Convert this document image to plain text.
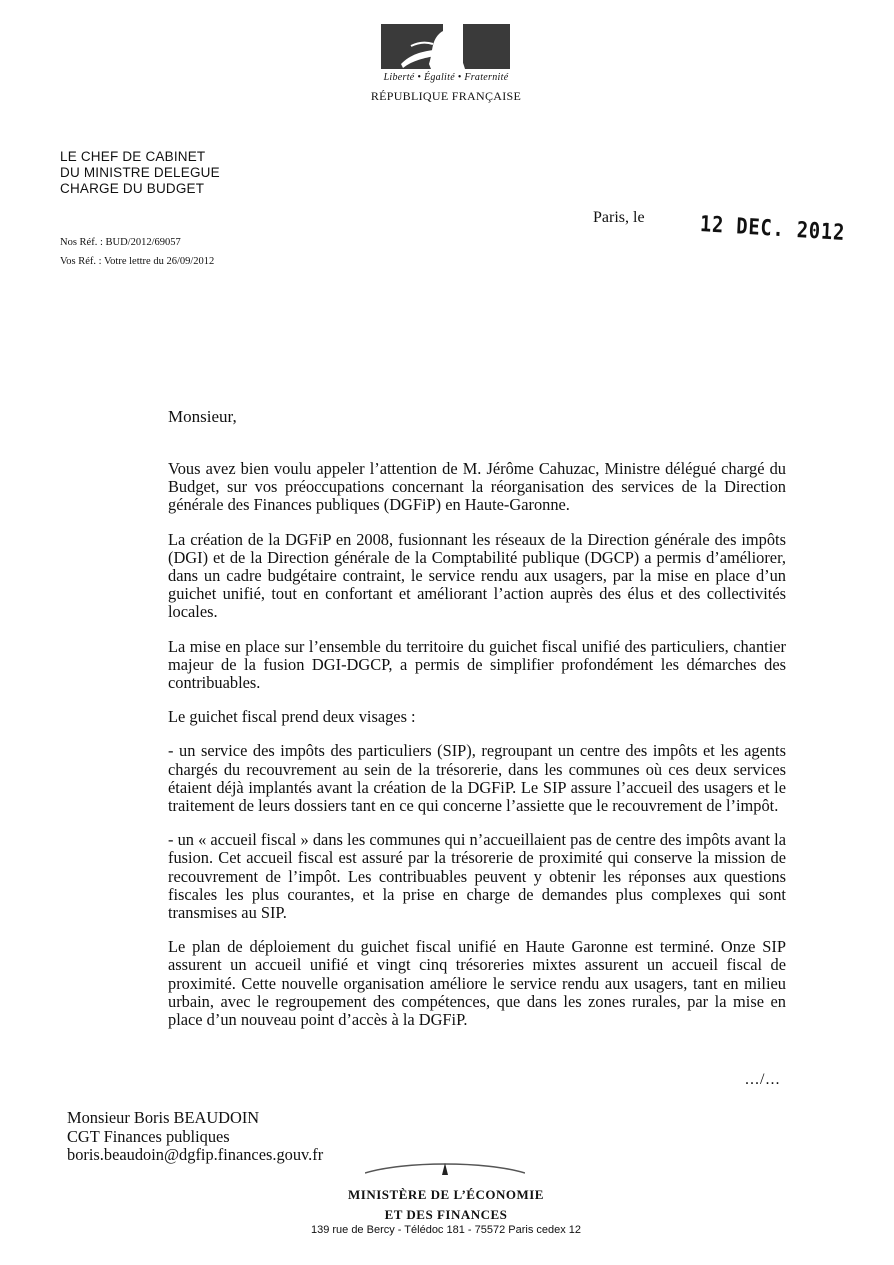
Liberté • Égalité • Fraternité
RÉPUBLIQUE FRANÇAISE
LE CHEF DE CABINET
DU MINISTRE DELEGUE
CHARGE DU BUDGET
Nos Réf. : BUD/2012/69057
Vos Réf. : Votre lettre du 26/09/2012
Paris, le 12 DEC. 2012
Monsieur,

Vous avez bien voulu appeler l’attention de M. Jérôme Cahuzac, Ministre délégué chargé du Budget, sur vos préoccupations concernant la réorganisation des services de la Direction générale des Finances publiques (DGFiP) en Haute-Garonne.

La création de la DGFiP en 2008, fusionnant les réseaux de la Direction générale des impôts (DGI) et de la Direction générale de la Comptabilité publique (DGCP) a permis d’améliorer, dans un cadre budgétaire contraint, le service rendu aux usagers, par la mise en place d’un guichet unifié, tout en confortant et améliorant l’action auprès des élus et des collectivités locales.

La mise en place sur l’ensemble du territoire du guichet fiscal unifié des particuliers, chantier majeur de la fusion DGI-DGCP, a permis de simplifier profondément les démarches des contribuables.

Le guichet fiscal prend deux visages :

- un service des impôts des particuliers (SIP), regroupant un centre des impôts et les agents chargés du recouvrement au sein de la trésorerie, dans les communes où ces deux services étaient déjà implantés avant la création de la DGFiP. Le SIP assure l’accueil des usagers et le traitement de leurs dossiers tant en ce qui concerne l’assiette que le recouvrement de l’impôt.

- un « accueil fiscal » dans les communes qui n’accueillaient pas de centre des impôts avant la fusion. Cet accueil fiscal est assuré par la trésorerie de proximité qui conserve la mission de recouvrement de l’impôt. Les contribuables peuvent y obtenir les réponses aux questions fiscales les plus courantes, et la prise en charge de demandes plus complexes qui sont transmises au SIP.

Le plan de déploiement du guichet fiscal unifié en Haute Garonne est terminé. Onze SIP assurent un accueil unifié et vingt cinq trésoreries mixtes assurent un accueil fiscal de proximité. Cette nouvelle organisation améliore le service rendu aux usagers, tant en milieu urbain, avec le regroupement des compétences, que dans les zones rurales, par la mise en place d’un nouveau point d’accès à la DGFiP.

.../...
Monsieur Boris BEAUDOIN
CGT Finances publiques
boris.beaudoin@dgfip.finances.gouv.fr
MINISTÈRE DE L’ÉCONOMIE
ET DES FINANCES
139 rue de Bercy - Télédoc 181 - 75572 Paris cedex 12
